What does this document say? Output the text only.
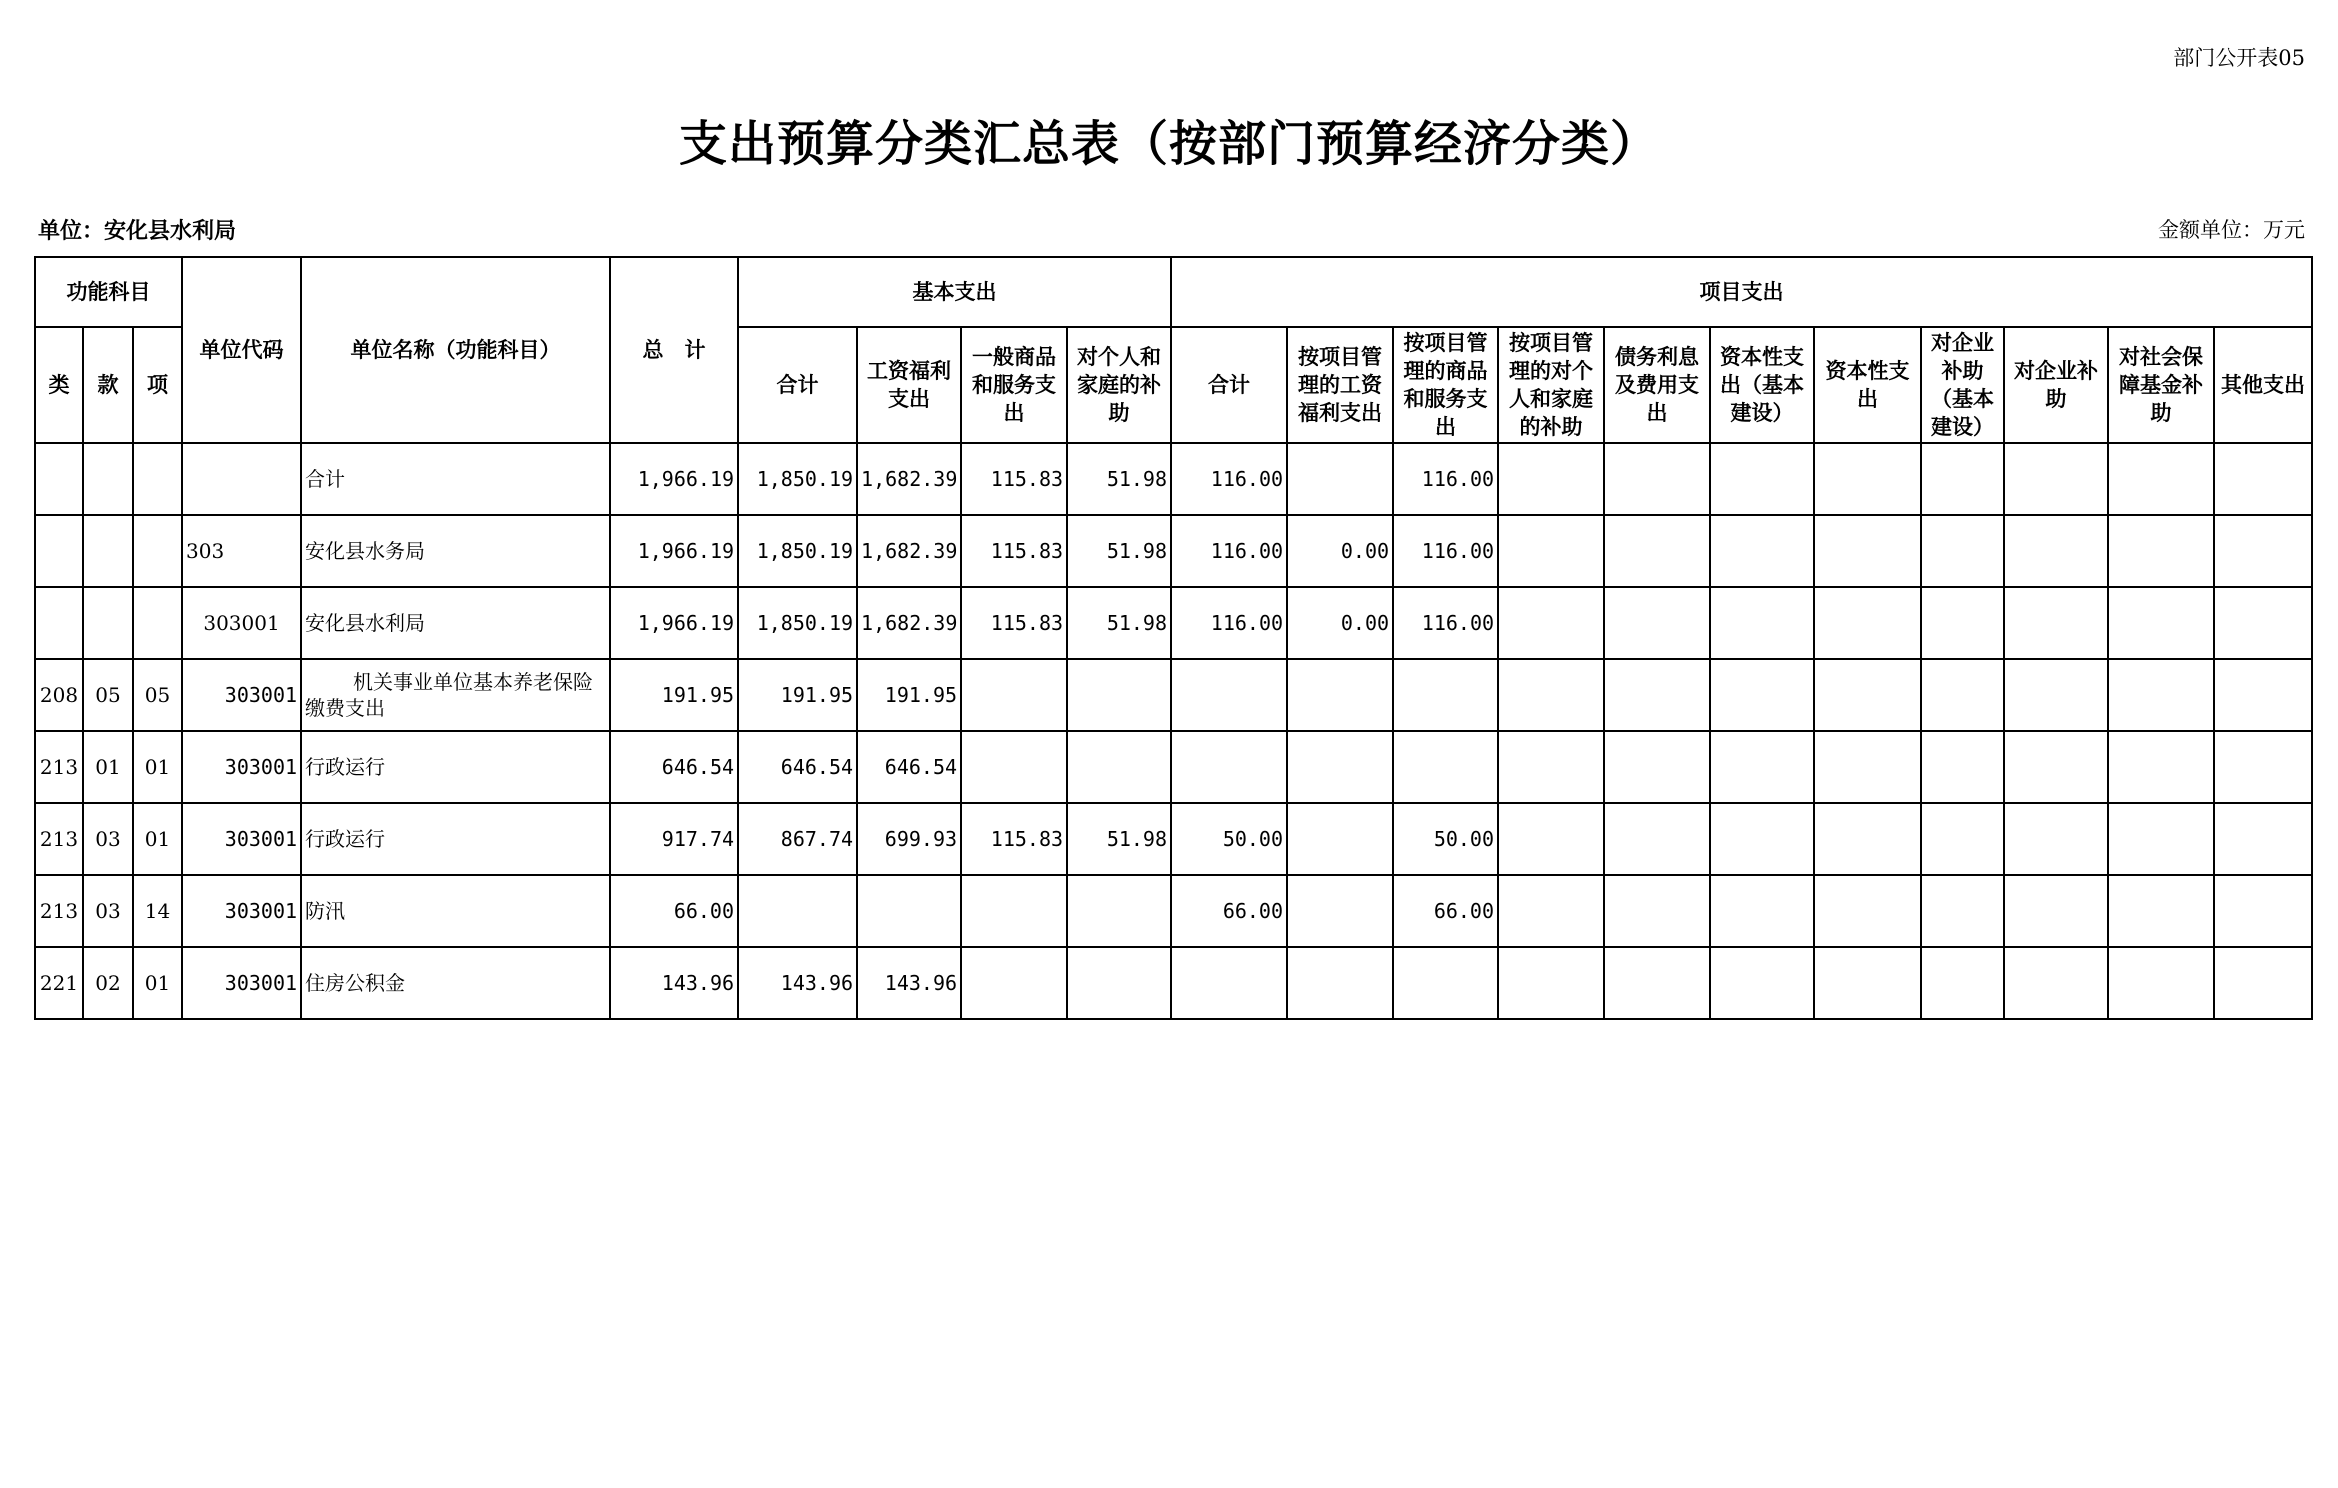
部门公开表05
支出预算分类汇总表（按部门预算经济分类）
单位：安化县水利局	金额单位：万元
功能科目			单位代码	单位名称（功能科目）	总　计	基本支出				项目支出										
类	款	项				合计	工资福利支出	一般商品和服务支出	对个人和家庭的补助	合计	按项目管理的工资福利支出	按项目管理的商品和服务支出	按项目管理的对个人和家庭的补助	债务利息及费用支出	资本性支出（基本建设）	资本性支出	对企业补助（基本建设）	对企业补助	对社会保障基金补助	其他支出
				合计	1,966.19	1,850.19	1,682.39	115.83	51.98	116.00		116.00								
			303	安化县水务局	1,966.19	1,850.19	1,682.39	115.83	51.98	116.00	0.00	116.00								
			303001	安化县水利局	1,966.19	1,850.19	1,682.39	115.83	51.98	116.00	0.00	116.00								
208	05	05	303001	机关事业单位基本养老保险缴费支出	191.95	191.95	191.95													
213	01	01	303001	行政运行	646.54	646.54	646.54													
213	03	01	303001	行政运行	917.74	867.74	699.93	115.83	51.98	50.00		50.00								
213	03	14	303001	防汛	66.00					66.00		66.00								
221	02	01	303001	住房公积金	143.96	143.96	143.96													
